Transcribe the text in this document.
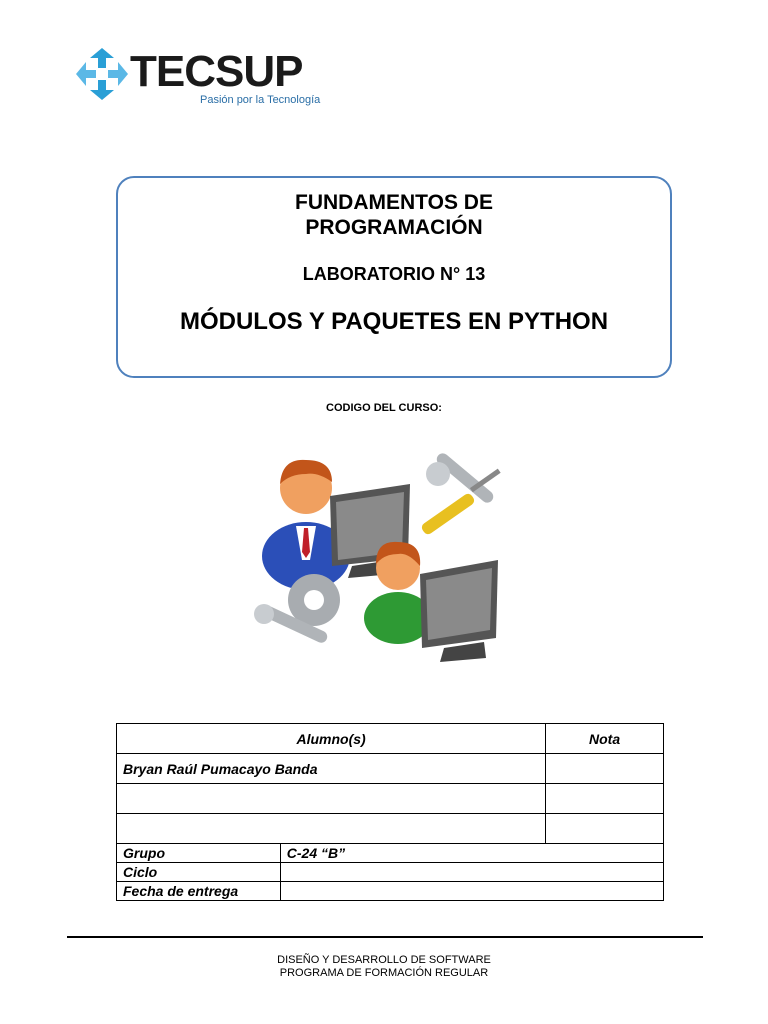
TECSUP
Pasión por la Tecnología
FUNDAMENTOS DE
PROGRAMACIÓN
LABORATORIO N° 13
MÓDULOS Y PAQUETES EN PYTHON
CODIGO DEL CURSO:
Alumno(s)		Nota
Bryan Raúl Pumacayo Banda		

Grupo	C-24 “B”	
Ciclo		
Fecha de entrega		
DISEÑO Y DESARROLLO DE SOFTWARE
PROGRAMA DE FORMACIÓN REGULAR
